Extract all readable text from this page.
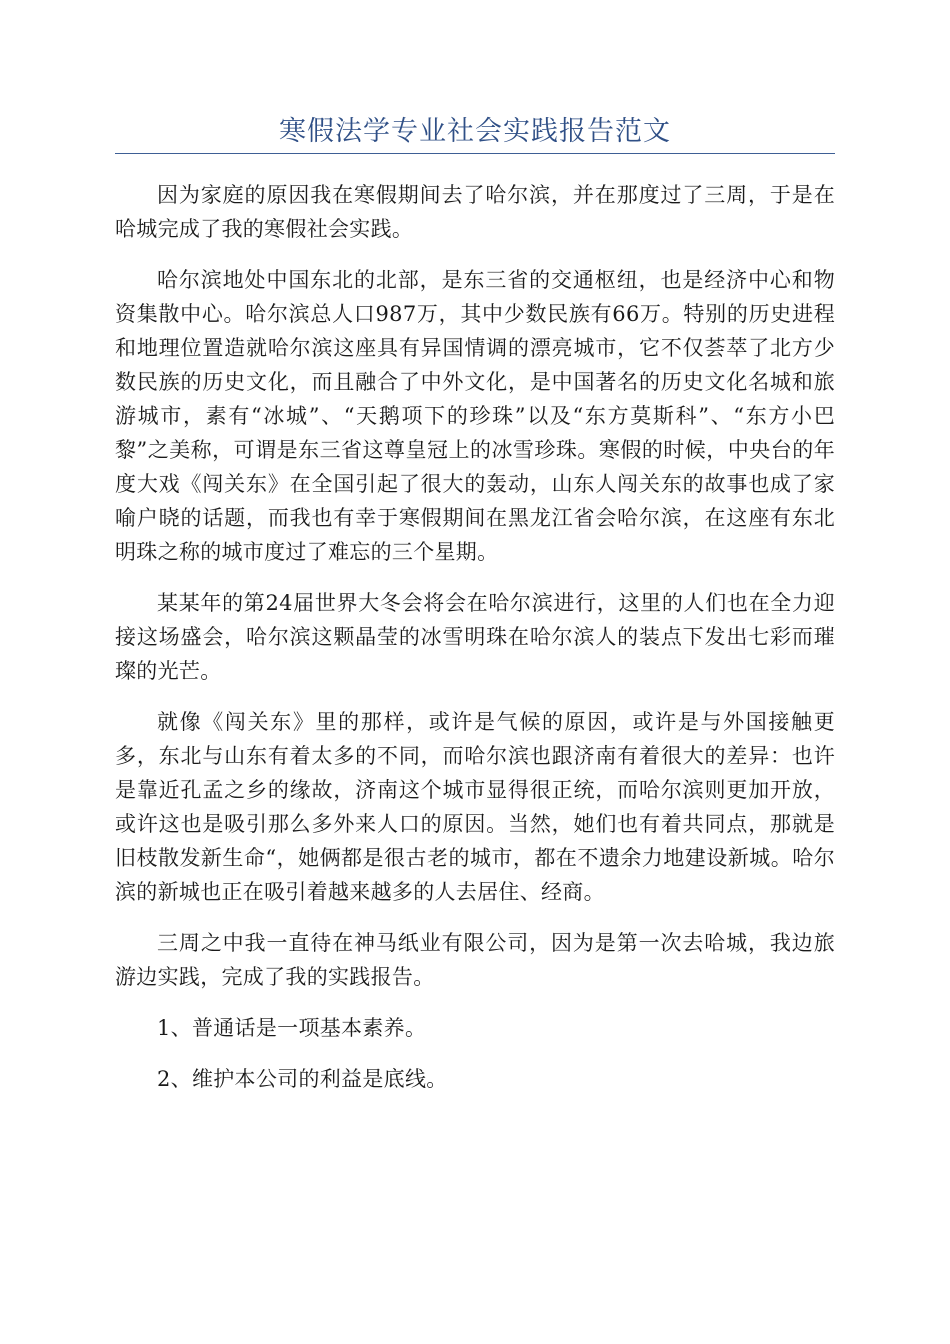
寒假法学专业社会实践报告范文

因为家庭的原因我在寒假期间去了哈尔滨，并在那度过了三周，于是在哈城完成了我的寒假社会实践。

哈尔滨地处中国东北的北部，是东三省的交通枢纽，也是经济中心和物资集散中心。哈尔滨总人口987万，其中少数民族有66万。特别的历史进程和地理位置造就哈尔滨这座具有异国情调的漂亮城市，它不仅荟萃了北方少数民族的历史文化，而且融合了中外文化，是中国著名的历史文化名城和旅游城市，素有“冰城”、“天鹅项下的珍珠”以及“东方莫斯科”、“东方小巴黎”之美称，可谓是东三省这尊皇冠上的冰雪珍珠。寒假的时候，中央台的年度大戏《闯关东》在全国引起了很大的轰动，山东人闯关东的故事也成了家喻户晓的话题，而我也有幸于寒假期间在黑龙江省会哈尔滨，在这座有东北明珠之称的城市度过了难忘的三个星期。

某某年的第24届世界大冬会将会在哈尔滨进行，这里的人们也在全力迎接这场盛会，哈尔滨这颗晶莹的冰雪明珠在哈尔滨人的装点下发出七彩而璀璨的光芒。

就像《闯关东》里的那样，或许是气候的原因，或许是与外国接触更多，东北与山东有着太多的不同，而哈尔滨也跟济南有着很大的差异：也许是靠近孔孟之乡的缘故，济南这个城市显得很正统，而哈尔滨则更加开放，或许这也是吸引那么多外来人口的原因。当然，她们也有着共同点，那就是旧枝散发新生命“，她俩都是很古老的城市，都在不遗余力地建设新城。哈尔滨的新城也正在吸引着越来越多的人去居住、经商。

三周之中我一直待在神马纸业有限公司，因为是第一次去哈城，我边旅游边实践，完成了我的实践报告。

1、普通话是一项基本素养。

2、维护本公司的利益是底线。
